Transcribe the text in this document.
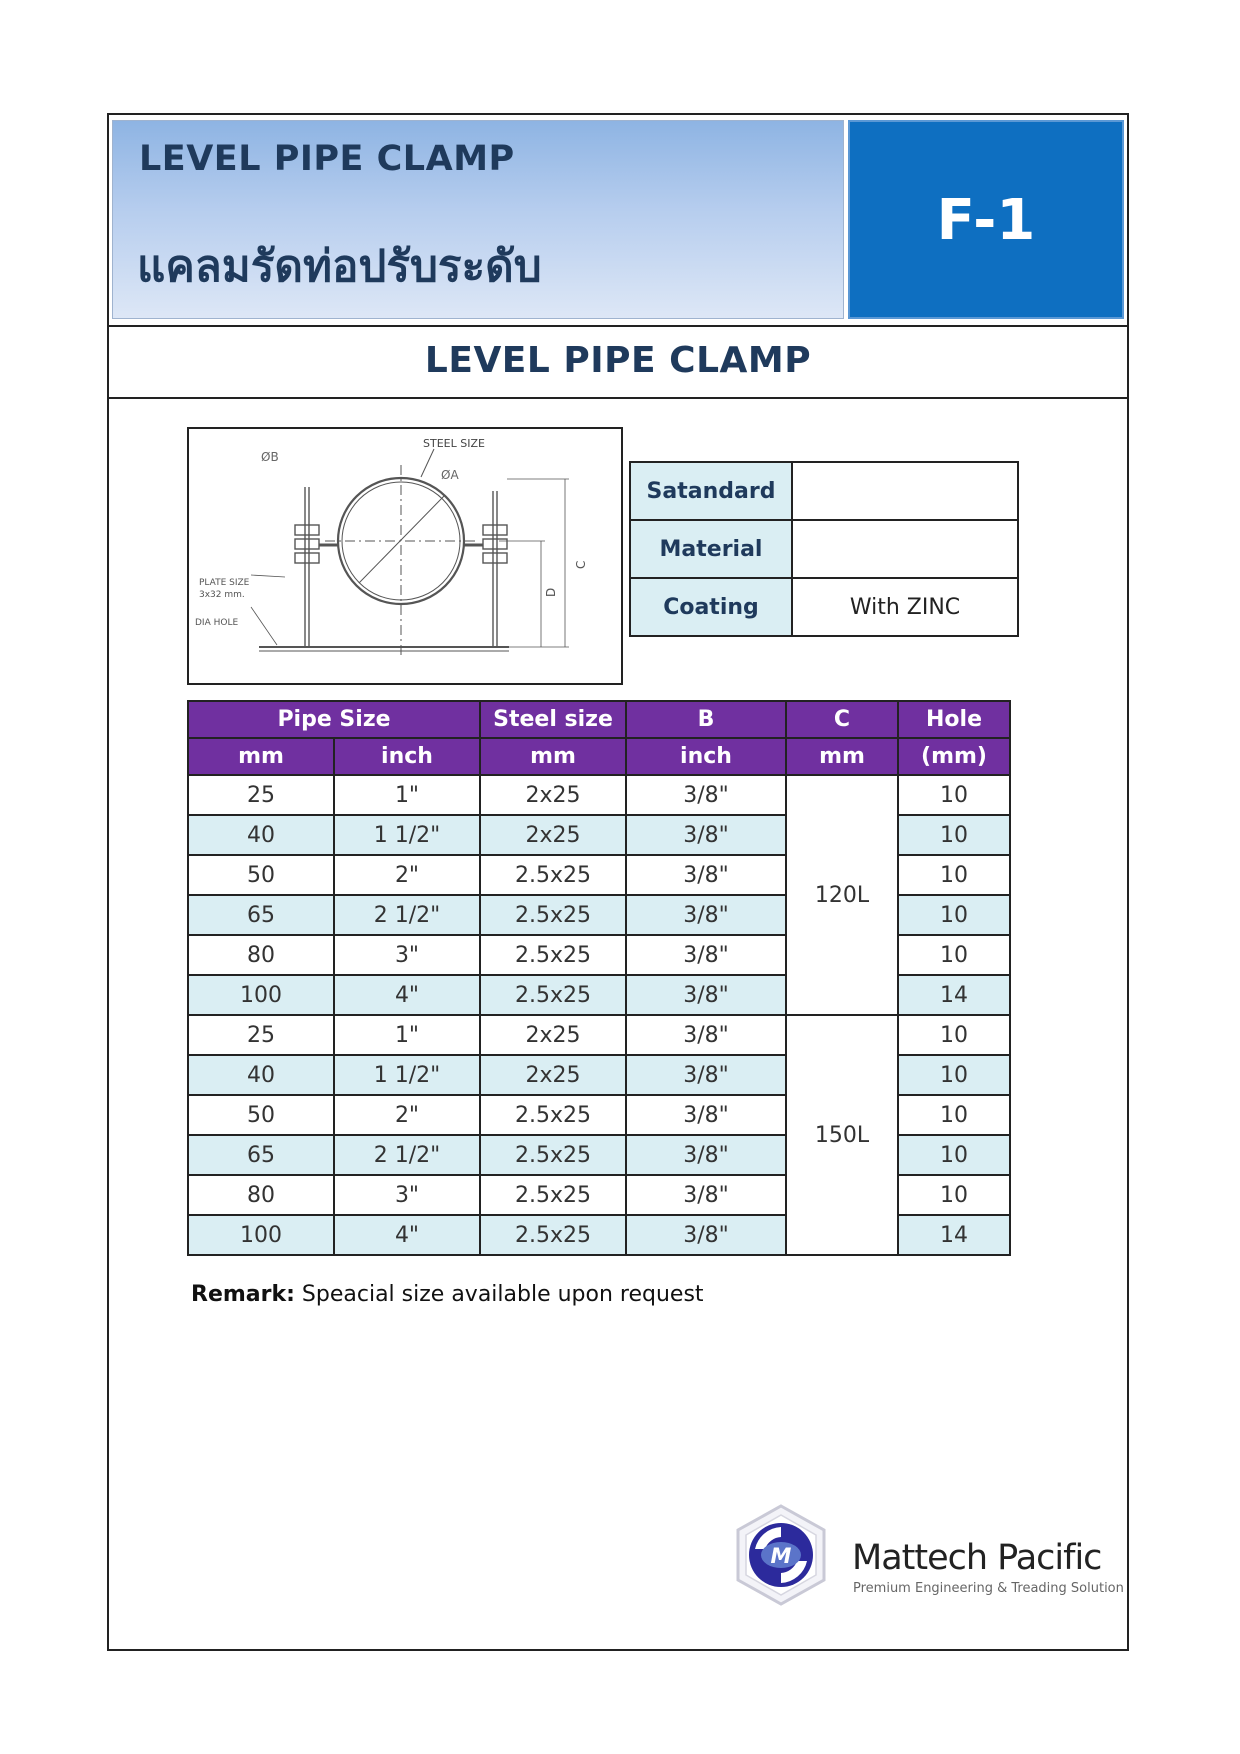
LEVEL PIPE CLAMP
แคลมรัดท่อปรับระดับ
F-1
LEVEL PIPE CLAMP
STEEL SIZE
ØB
ØA
PLATE SIZE
3x32 mm.
DIA HOLE
C
D
Satandard	
Material	
Coating	With ZINC
Pipe Size		Steel size	B	C	Hole
mm	inch	mm	inch	mm	(mm)
25	1"	2x25	3/8"	120L	10
40	1 1/2"	2x25	3/8"		10
50	2"	2.5x25	3/8"		10
65	2 1/2"	2.5x25	3/8"		10
80	3"	2.5x25	3/8"		10
100	4"	2.5x25	3/8"		14
25	1"	2x25	3/8"	150L	10
40	1 1/2"	2x25	3/8"		10
50	2"	2.5x25	3/8"		10
65	2 1/2"	2.5x25	3/8"		10
80	3"	2.5x25	3/8"		10
100	4"	2.5x25	3/8"		14
Remark: Speacial size available upon request
M Mattech Pacific
Premium Engineering & Treading Solution
